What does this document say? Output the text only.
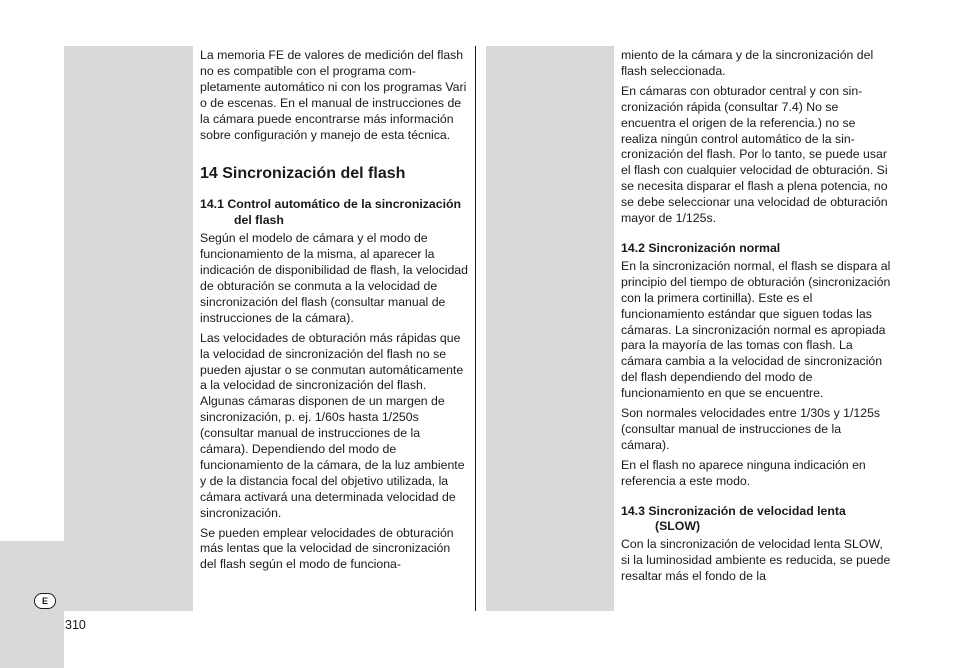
La memoria FE de valores de medición del flash no es compatible con el programa completamente automático ni con los programas Vari o de escenas. En el manual de instrucciones de la cámara puede encontrarse más información sobre configuración y manejo de esta técnica.

14 Sincronización del flash
14.1 Control automático de la sincronización del flash

Según el modelo de cámara y el modo de funcionamiento de la misma, al aparecer la indicación de disponibilidad de flash, la velocidad de obturación se conmuta a la velocidad de sincronización del flash (consultar manual de instrucciones de la cámara).

Las velocidades de obturación más rápidas que la velocidad de sincronización del flash no se pueden ajustar o se conmutan automáticamente a la velocidad de sincronización del flash. Algunas cámaras disponen de un margen de sincronización, p. ej. 1/60s hasta 1/250s (consultar manual de instrucciones de la cámara). Dependiendo del modo de funcionamiento de la cámara, de la luz ambiente y de la distancia focal del objetivo utilizada, la cámara activará una determinada velocidad de sincronización.

Se pueden emplear velocidades de obturación más lentas que la velocidad de sincronización del flash según el modo de funciona-

miento de la cámara y de la sincronización del flash seleccionada.

En cámaras con obturador central y con sincronización rápida (consultar 7.4) No se encuentra el origen de la referencia.) no se realiza ningún control automático de la sincronización del flash. Por lo tanto, se puede usar el flash con cualquier velocidad de obturación. Si se necesita disparar el flash a plena potencia, no se debe seleccionar una velocidad de obturación mayor de 1/125s.

14.2 Sincronización normal

En la sincronización normal, el flash se dispara al principio del tiempo de obturación (sincronización con la primera cortinilla). Este es el funcionamiento estándar que siguen todas las cámaras. La sincronización normal es apropiada para la mayoría de las tomas con flash. La cámara cambia a la velocidad de sincronización del flash dependiendo del modo de funcionamiento en que se encuentre.

Son normales velocidades entre 1/30s y 1/125s (consultar manual de instrucciones de la cámara).

En el flash no aparece ninguna indicación en referencia a este modo.

14.3 Sincronización de velocidad lenta (SLOW)

Con la sincronización de velocidad lenta SLOW, si la luminosidad ambiente es reducida, se puede resaltar más el fondo de la

E
310
